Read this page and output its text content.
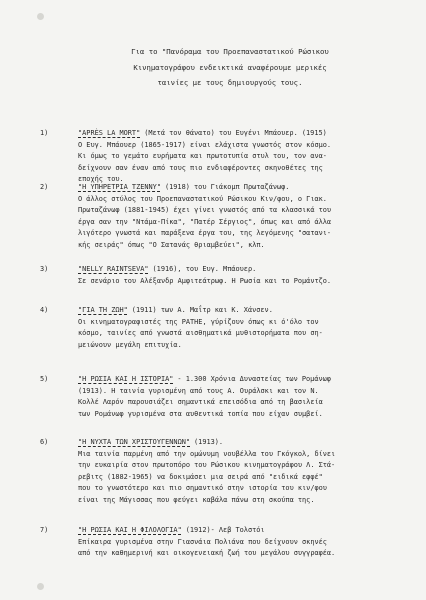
Για το "Πανόραμα του Προεπαναστατικού Ρώσικου
Κινηματογράφου ενδεικτικά αναφέρουμε μερικές
ταινίες με τους δημιουργούς τους.
1)	"APRÈS LA MORT" (Μετά τον θάνατο) του Ευγένι Μπάουερ. (1915)
Ο Ευγ. Μπάουερ (1865-1917) είναι ελάχιστα γνωστός στον κόσμο.
Κι όμως το γεμάτο ευρήματα και πρωτοτυπία στυλ του, τον ανα-
δείχνουν σαν έναν από τους πιο ενδιαφέροντες σκηνοθέτες της
εποχής του.
2)	"Η ΥΠΗΡΕΤΡΙΑ ΤΖΕΝΝΥ" (1918) του Γιάκομπ Πρωταζάνωφ.
Ο άλλος στύλος του Προεπαναστατικού Ρώσικου Κιν/φου, ο Γιακ.
Πρωταζάνωφ (1881-1945) έχει γίνει γνωστός από τα κλασσικά του
έργα σαν την "Ντάμα-Πίκα", "Πατέρ Σέργιος", όπως και από άλλα
λιγότερο γνωστά και παράξενα έργα του, της λεγόμενης "σατανι-
κής σειράς" όπως "Ο Σατανάς θριαμβεύει", κλπ.
3)	"NELLY RAINTSEVA" (1916), του Ευγ. Μπάουερ.
Σε σενάριο του Αλέξανδρ Αμφιτεάτρωφ. Η Ρωσία και το Ρομάντζο.
4)	"ΓΙΑ ΤΗ ΖΩΗ" (1911) των Α. Μαΐτρ και Κ. Χάνσεν.
Οι κινηματογραφιστές της PATHE, γύρίζουν όπως κι ό'όλο τον
κόσμο, ταινίες από γνωστά αισθηματικά μυθιστορήματα που ση-
μειώνουν μεγάλη επιτυχία.
5)	"Η ΡΩΣΙΑ ΚΑΙ Η ΙΣΤΟΡΙΑ" - 1.300 Χρόνια Δυναστείας των Ρομάνωφ
(1913). Η ταινία γυρισμένη από τους Α. Ουράλσκι και τον Ν.
Κολλέ Λαρόν παρουσιάζει σημαντικά επεισόδια από τη βασιλεία
των Ρομάνωφ γυρισμένα στα αυθεντικά τοπία που είχαν συμβεί.
6)	"Η ΝΥΧΤΑ ΤΩΝ ΧΡΙΣΤΟΥΓΕΝΝΩΝ" (1913).
Μια ταινία παρμένη από την ομώνυμη νουβέλλα του Γκόγκολ, δίνει
την ευκαιρία στον πρωτοπόρο του Ρώσικου κινηματογράφου Λ. Στά-
ρεβιτς (1882-1965) να δοκιμάσει μια σειρά από "ειδικά εφφέ"
που το γνωστότερο και πιο σημαντικό στην ιστορία του κιν/φου
είναι της Μάγισσας που φεύγει καβάλα πάνω στη σκούπα της.
7)	"Η ΡΩΣΙΑ ΚΑΙ Η ΦΙΛΟΛΟΓΙΑ" (1912)- Λεβ Τολστόι
Επίκαιρα γυρισμένα στην Γιασνάια Πολιάνα που δείχνουν σκηνές
από την καθημερινή και οικογενειακή ζωή του μεγάλου συγγραφέα.
